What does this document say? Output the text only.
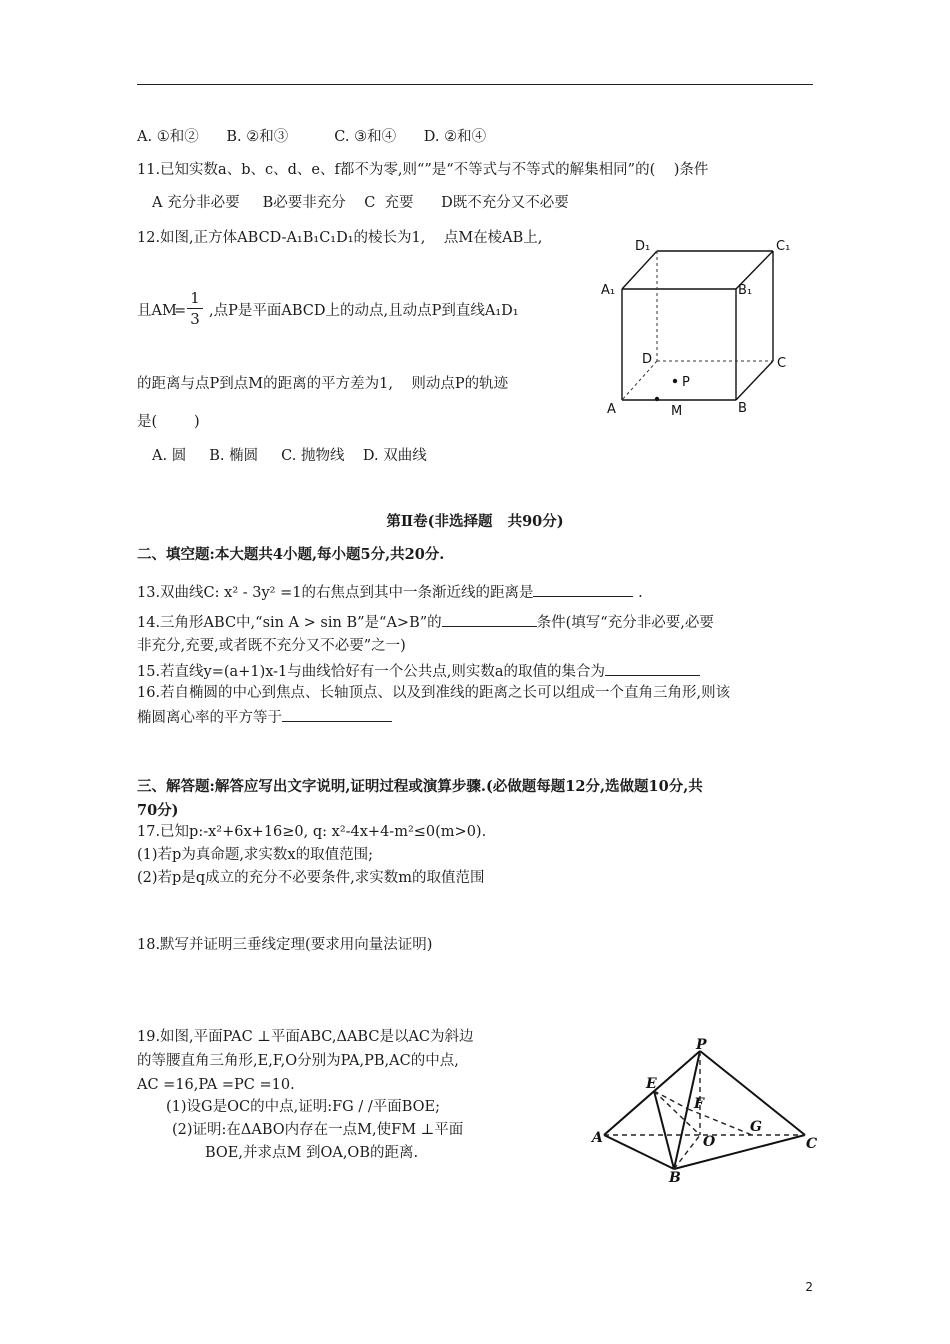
A. ①和②      B. ②和③          C. ③和④      D. ②和④
11.已知实数a、b、c、d、e、f都不为零,则“”是“不等式与不等式的解集相同”的(    )条件
A 充分非必要     B必要非充分    C  充要      D既不充分又不必要
12.如图,正方体ABCD-A₁B₁C₁D₁的棱长为1,    点M在棱AB上,
且AM
=
1
3 ,点P是平面ABCD上的动点,且动点P到直线A₁D₁
的距离与点P到点M的距离的平方差为1,    则动点P的轨迹
是(        )
A. 圆     B. 椭圆     C. 抛物线    D. 双曲线
D₁	C₁
A₁	B₁
D	C
A	B
M
P
第Ⅱ卷(非选择题   共90分)
二、填空题:本大题共4小题,每小题5分,共20分.
13.双曲线C: x² - 3y² =1的右焦点到其中一条渐近线的距离是	.
14.三角形ABC中,“sin A > sin B”是“A>B”的	条件(填写“充分非必要,必要
非充分,充要,或者既不充分又不必要”之一)
15.若直线y=(a+1)x-1与曲线恰好有一个公共点,则实数a的取值的集合为
16.若自椭圆的中心到焦点、长轴顶点、以及到准线的距离之长可以组成一个直角三角形,则该
椭圆离心率的平方等于
三、解答题:解答应写出文字说明,证明过程或演算步骤.(必做题每题12分,选做题10分,共
70分)
17.已知p:-x²+6x+16≥0, q: x²-4x+4-m²≤0(m>0).
(1)若p为真命题,求实数x的取值范围;
(2)若p是q成立的充分不必要条件,求实数m的取值范围
18.默写并证明三垂线定理(要求用向量法证明)
19.如图,平面PAC ⊥平面ABC,ΔABC是以AC为斜边
的等腰直角三角形,E,F,O分别为PA,PB,AC的中点,
AC =16,PA =PC =10.
(1)设G是OC的中点,证明:FG / /平面BOE;
(2)证明:在ΔABO内存在一点M,使FM ⊥平面
BOE,并求点M 到OA,OB的距离.
P
E
F
G
A	O	C
B
2
